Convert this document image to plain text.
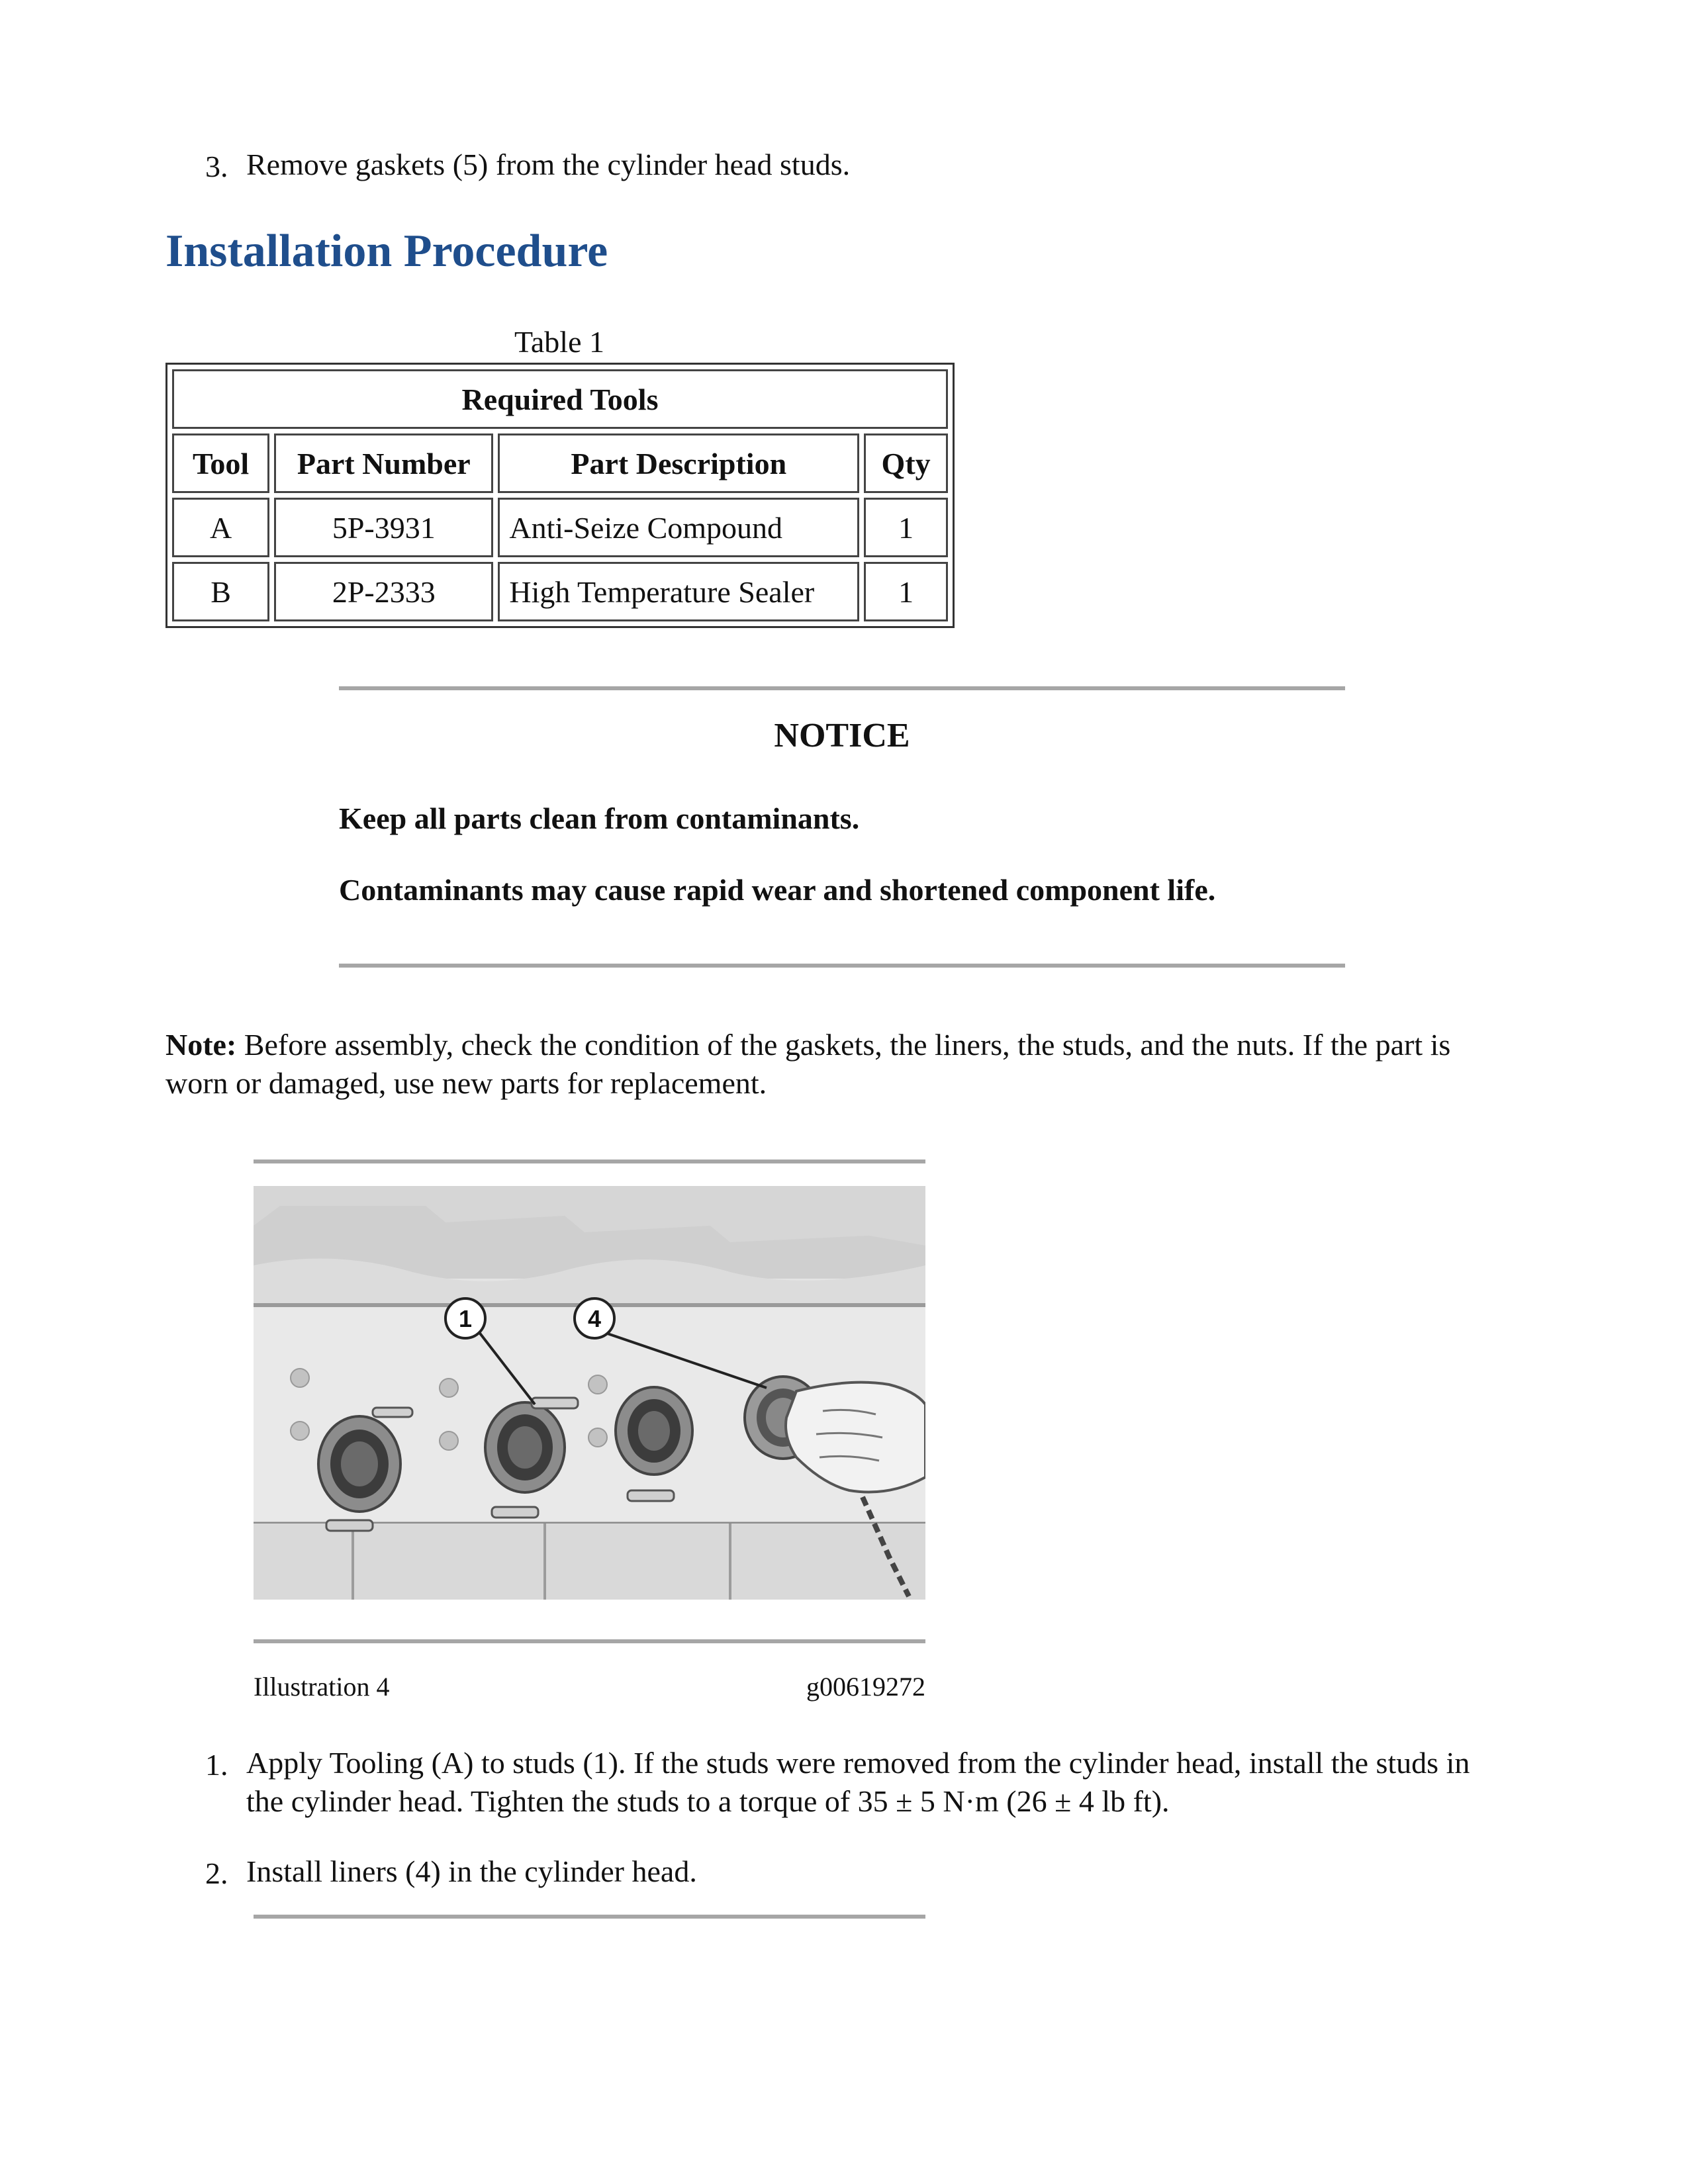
3. Remove gaskets (5) from the cylinder head studs.
Installation Procedure
Table 1
Required Tools			
Tool	Part Number	Part Description	Qty
A	5P-3931	Anti-Seize Compound	1
B	2P-2333	High Temperature Sealer	1
NOTICE
Keep all parts clean from contaminants.
Contaminants may cause rapid wear and shortened component life.
Note: Before assembly, check the condition of the gaskets, the liners, the studs, and the nuts. If the part is worn or damaged, use new parts for replacement.
1	4
Illustration 4	g00619272
1. Apply Tooling (A) to studs (1). If the studs were removed from the cylinder head, install the studs in the cylinder head. Tighten the studs to a torque of 35 ± 5 N·m (26 ± 4 lb ft).
2. Install liners (4) in the cylinder head.
